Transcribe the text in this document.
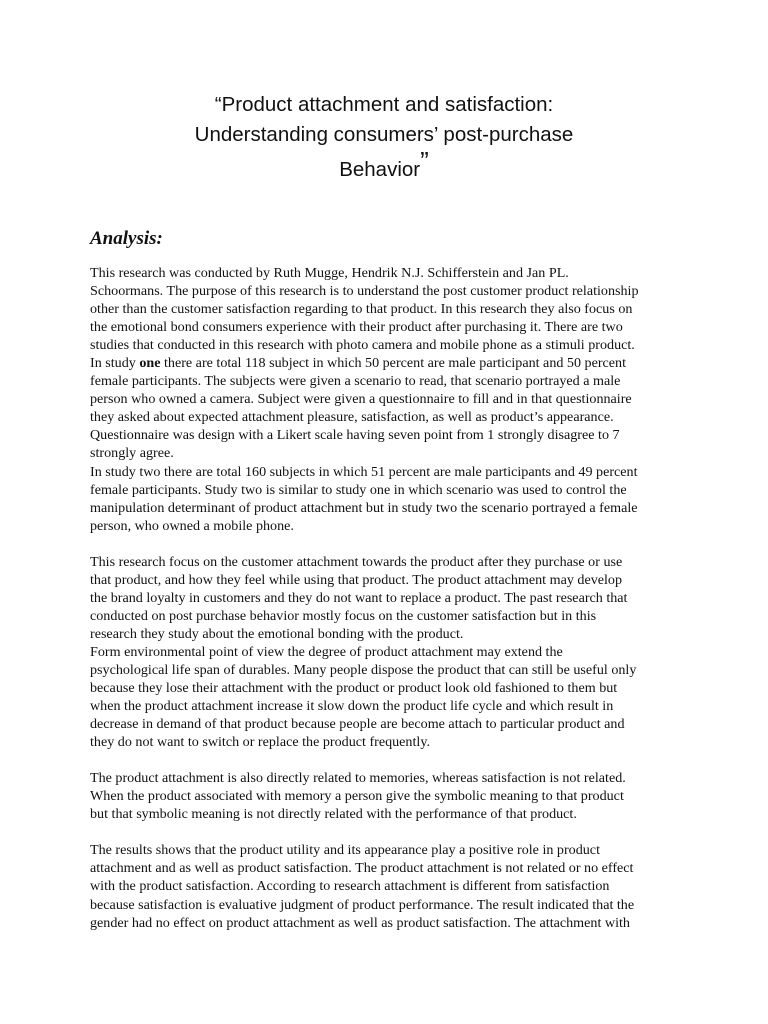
“Product attachment and satisfaction:
Understanding consumers’ post-purchase
Behavior”
Analysis:

This research was conducted by Ruth Mugge, Hendrik N.J. Schifferstein and Jan PL.
Schoormans. The purpose of this research is to understand the post customer product relationship
other than the customer satisfaction regarding to that product. In this research they also focus on
the emotional bond consumers experience with their product after purchasing it. There are two
studies that conducted in this research with photo camera and mobile phone as a stimuli product.
In study one there are total 118 subject in which 50 percent are male participant and 50 percent
female participants. The subjects were given a scenario to read, that scenario portrayed a male
person who owned a camera. Subject were given a questionnaire to fill and in that questionnaire
they asked about expected attachment pleasure, satisfaction, as well as product’s appearance.
Questionnaire was design with a Likert scale having seven point from 1 strongly disagree to 7
strongly agree.

In study two there are total 160 subjects in which 51 percent are male participants and 49 percent
female participants. Study two is similar to study one in which scenario was used to control the
manipulation determinant of product attachment but in study two the scenario portrayed a female
person, who owned a mobile phone.

This research focus on the customer attachment towards the product after they purchase or use
that product, and how they feel while using that product. The product attachment may develop
the brand loyalty in customers and they do not want to replace a product. The past research that
conducted on post purchase behavior mostly focus on the customer satisfaction but in this
research they study about the emotional bonding with the product.

Form environmental point of view the degree of product attachment may extend the
psychological life span of durables. Many people dispose the product that can still be useful only
because they lose their attachment with the product or product look old fashioned to them but
when the product attachment increase it slow down the product life cycle and which result in
decrease in demand of that product because people are become attach to particular product and
they do not want to switch or replace the product frequently.

The product attachment is also directly related to memories, whereas satisfaction is not related.
When the product associated with memory a person give the symbolic meaning to that product
but that symbolic meaning is not directly related with the performance of that product.

The results shows that the product utility and its appearance play a positive role in product
attachment and as well as product satisfaction. The product attachment is not related or no effect
with the product satisfaction. According to research attachment is different from satisfaction
because satisfaction is evaluative judgment of product performance. The result indicated that the
gender had no effect on product attachment as well as product satisfaction. The attachment with
